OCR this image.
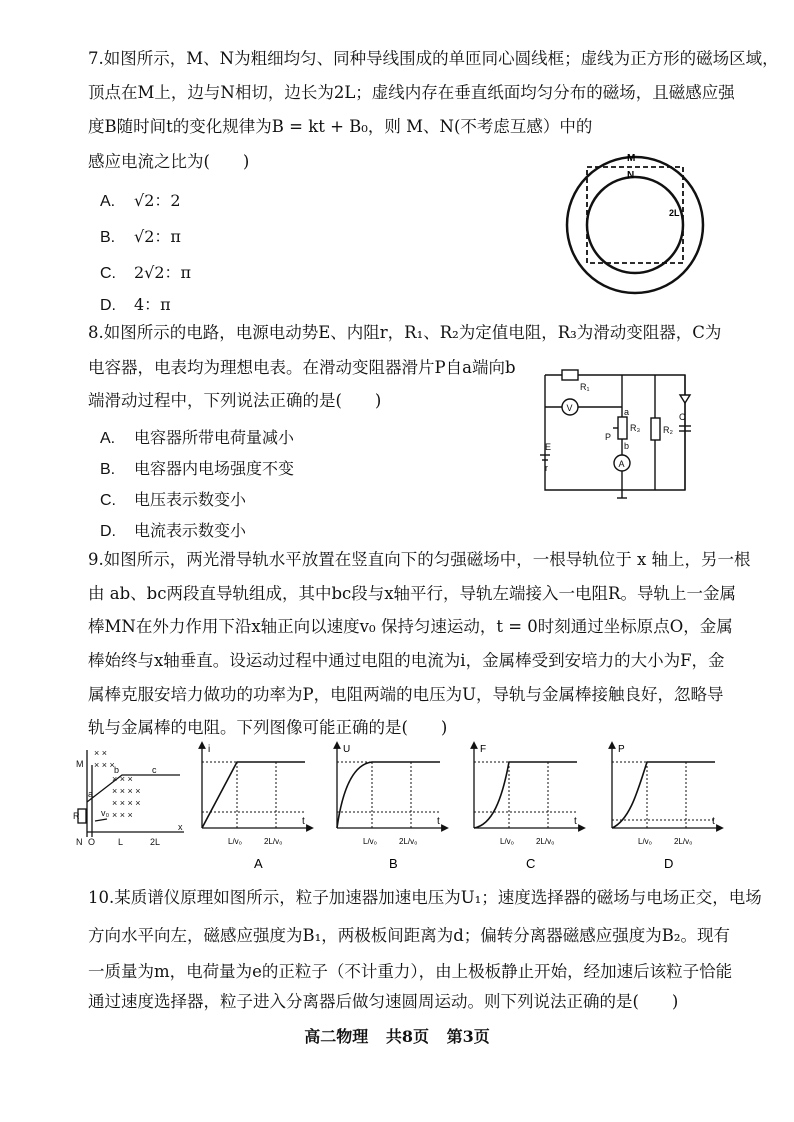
7.如图所示，M、N为粗细均匀、同种导线围成的单匝同心圆线框；虚线为正方形的磁场区域，
顶点在M上，边与N相切，边长为2L；虚线内存在垂直纸面均匀分布的磁场，且磁感应强
度B随时间t的变化规律为B = kt + B₀，则 M、N(不考虑互感）中的
感应电流之比为(　　)
A. √2：2
B. √2：π
C. 2√2：π
D. 4：π
M
N
2L
8.如图所示的电路，电源电动势E、内阻r，R₁、R₂为定值电阻，R₃为滑动变阻器，C为
电容器，电表均为理想电表。在滑动变阻器滑片P自a端向b
端滑动过程中，下列说法正确的是(　　)
A. 电容器所带电荷量减小
B. 电容器内电场强度不变
C. 电压表示数变小
D. 电流表示数变小
V
A
R₁
R₃	R₂
C
E
r
P
a
b
9.如图所示，两光滑导轨水平放置在竖直向下的匀强磁场中，一根导轨位于 x 轴上，另一根
由 ab、bc两段直导轨组成，其中bc段与x轴平行，导轨左端接入一电阻R。导轨上一金属
棒MN在外力作用下沿x轴正向以速度v₀ 保持匀速运动，t = 0时刻通过坐标原点O，金属
棒始终与x轴垂直。设运动过程中通过电阻的电流为i，金属棒受到安培力的大小为F，金
属棒克服安培力做功的功率为P，电阻两端的电压为U，导轨与金属棒接触良好，忽略导
轨与金属棒的电阻。下列图像可能正确的是(　　)
× ×
× × ×
× × ×
× × × ×
× × × ×
× × ×
M
N O
a
b	c
R v₀
L	2L
x
i
t
L/v₀	2L/v₀
A
U
t
L/v₀	2L/v₀
B
F
t
L/v₀	2L/v₀
C
P
t
L/v₀	2L/v₀
D
10.某质谱仪原理如图所示，粒子加速器加速电压为U₁；速度选择器的磁场与电场正交，电场
方向水平向左，磁感应强度为B₁，两极板间距离为d；偏转分离器磁感应强度为B₂。现有
一质量为m，电荷量为e的正粒子（不计重力），由上极板静止开始，经加速后该粒子恰能
通过速度选择器，粒子进入分离器后做匀速圆周运动。则下列说法正确的是(　　)
高二物理 共8页 第3页
